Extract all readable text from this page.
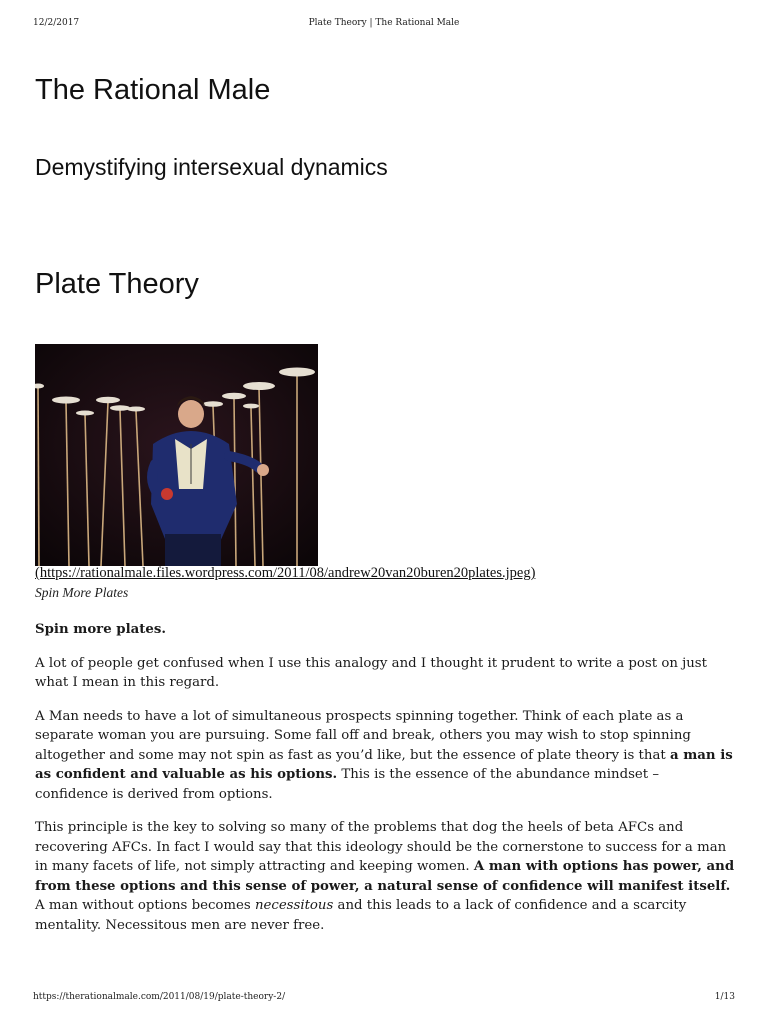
12/2/2017	Plate Theory | The Rational Male
The Rational Male
Demystifying intersexual dynamics
Plate Theory
(https://rationalmale.files.wordpress.com/2011/08/andrew20van20buren20plates.jpeg)
Spin More Plates

Spin more plates.

A lot of people get confused when I use this analogy and I thought it prudent to write a post on just what I mean in this regard.

A Man needs to have a lot of simultaneous prospects spinning together. Think of each plate as a separate woman you are pursuing. Some fall off and break, others you may wish to stop spinning altogether and some may not spin as fast as you’d like, but the essence of plate theory is that a man is as confident and valuable as his options. This is the essence of the abundance mindset – confidence is derived from options.

This principle is the key to solving so many of the problems that dog the heels of beta AFCs and recovering AFCs. In fact I would say that this ideology should be the cornerstone to success for a man in many facets of life, not simply attracting and keeping women. A man with options has power, and from these options and this sense of power, a natural sense of confidence will manifest itself. A man without options becomes necessitous and this leads to a lack of confidence and a scarcity mentality. Necessitous men are never free.

https://therationalmale.com/2011/08/19/plate-theory-2/	1/13
